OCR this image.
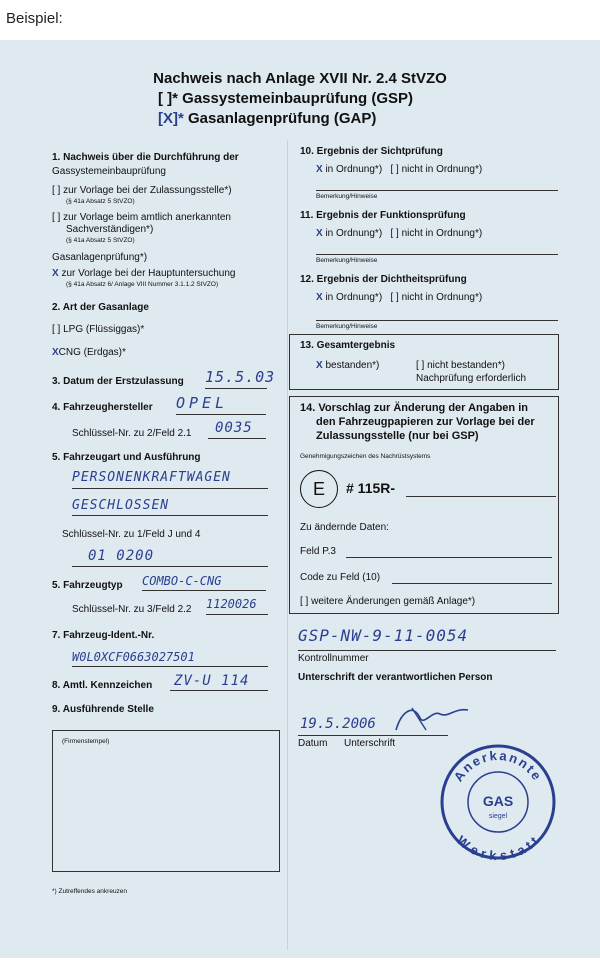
Beispiel:
Nachweis nach Anlage XVII Nr. 2.4 StVZO
[ ]* Gassystemeinbauprüfung (GSP)
[X]* Gasanlagenprüfung (GAP)
1. Nachweis über die Durchführung der
Gassystemeinbauprüfung
[ ] zur Vorlage bei der Zulassungsstelle*)
(§ 41a Absatz 5 StVZO)
[ ] zur Vorlage beim amtlich anerkannten
Sachverständigen*)
(§ 41a Absatz 5 StVZO)
Gasanlagenprüfung*)
X zur Vorlage bei der Hauptuntersuchung
(§ 41a Absatz 6/ Anlage VIII Nummer 3.1.1.2 StVZO)
2. Art der Gasanlage
[ ] LPG (Flüssiggas)*
XCNG (Erdgas)*
3. Datum der Erstzulassung 15.5.03
4. Fahrzeughersteller OPEL
Schlüssel-Nr. zu 2/Feld 2.1 0035
5. Fahrzeugart und Ausführung
PERSONENKRAFTWAGEN
GESCHLOSSEN
Schlüssel-Nr. zu 1/Feld J und 4
01 0200
5. Fahrzeugtyp COMBO-C-CNG
Schlüssel-Nr. zu 3/Feld 2.2 1120026
7. Fahrzeug-Ident.-Nr.
W0L0XCF0663027501
8. Amtl. Kennzeichen ZV-U 114
9. Ausführende Stelle
(Firmenstempel)
*) Zutreffendes ankreuzen
10. Ergebnis der Sichtprüfung
X in Ordnung*) [ ] nicht in Ordnung*)
Bemerkung/Hinweise
11. Ergebnis der Funktionsprüfung
X in Ordnung*) [ ] nicht in Ordnung*)
Bemerkung/Hinweise
12. Ergebnis der Dichtheitsprüfung
X in Ordnung*) [ ] nicht in Ordnung*)
Bemerkung/Hinweise
13. Gesamtergebnis
X bestanden*)	[ ] nicht bestanden*)
Nachprüfung erforderlich
14. Vorschlag zur Änderung der Angaben in
den Fahrzeugpapieren zur Vorlage bei der
Zulassungsstelle (nur bei GSP)
Genehmigungszeichen des Nachrüstsystems
E	# 115R-
Zu ändernde Daten:
Feld P.3
Code zu Feld (10)
[ ] weitere Änderungen gemäß Anlage*)
GSP-NW-9-11-0054
Kontrollnummer
Unterschrift der verantwortlichen Person
19.5.2006
Datum Unterschrift
Anerkannte
Werkstatt
GAS
siegel
